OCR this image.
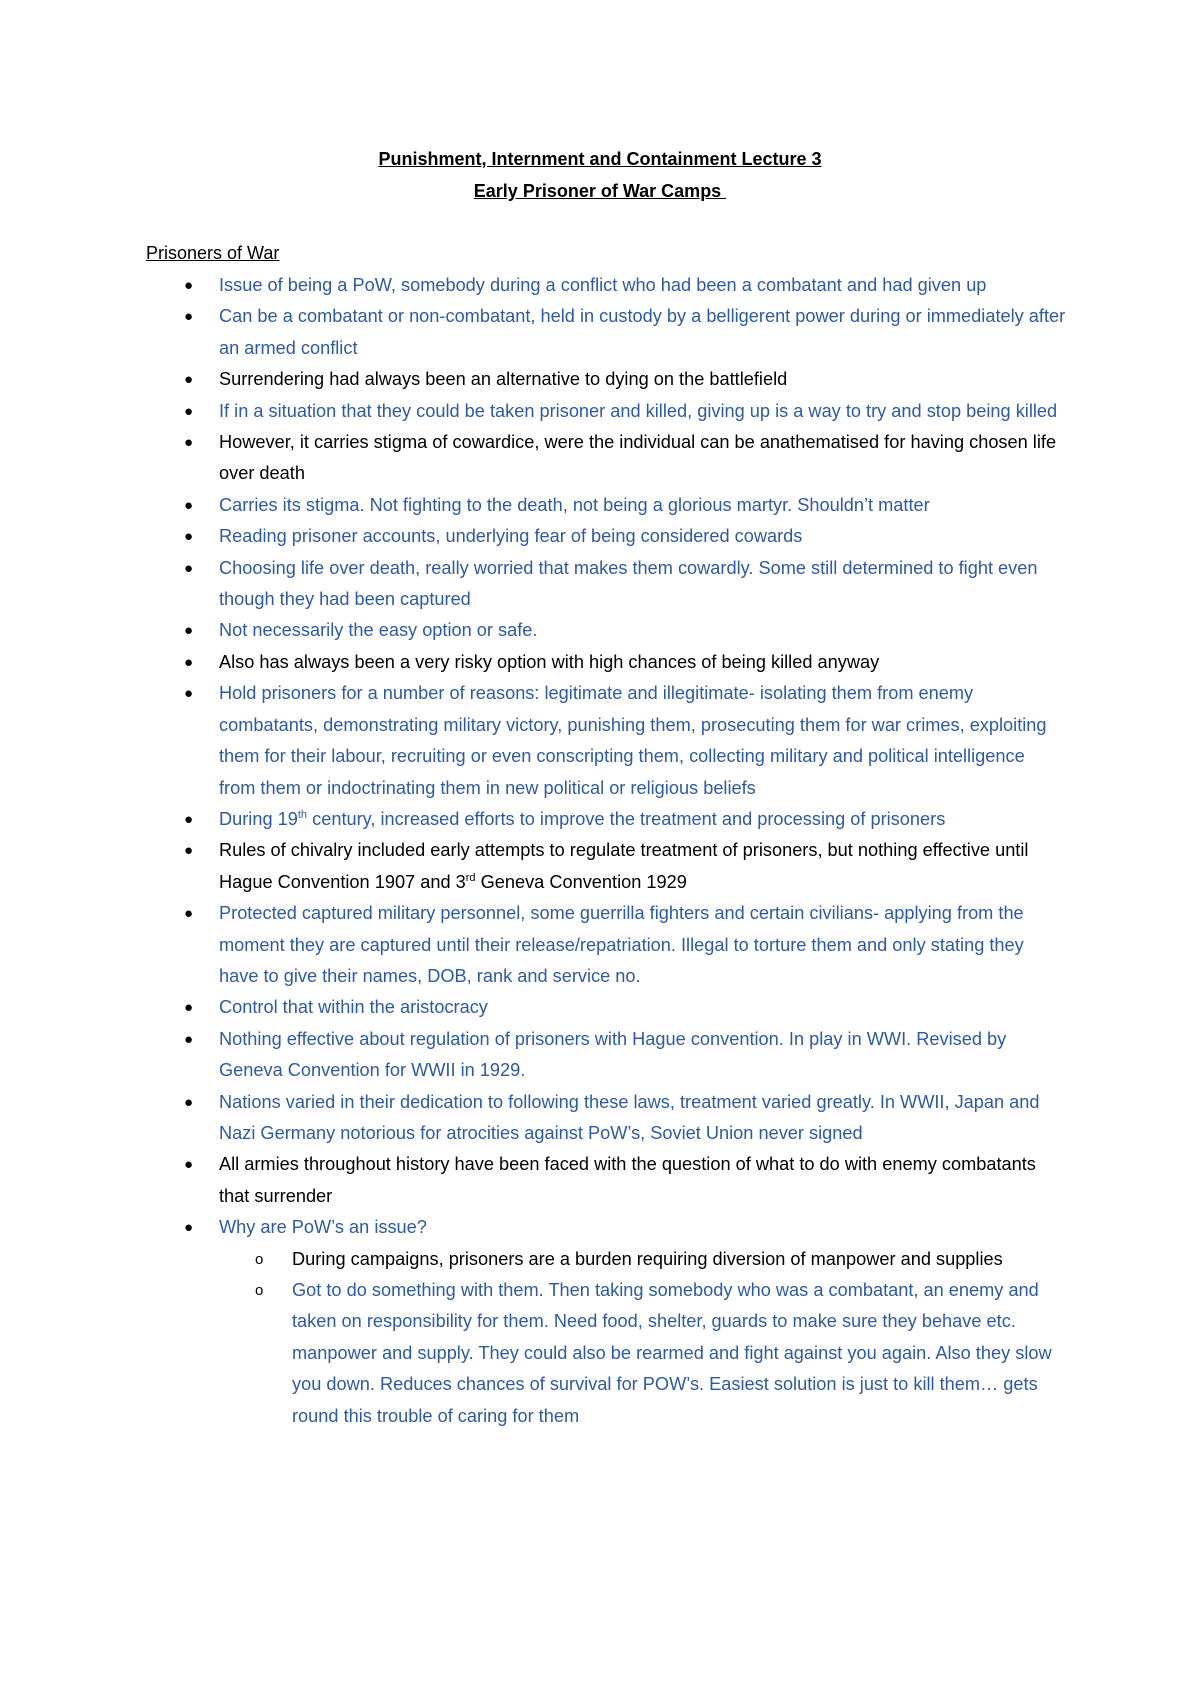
Punishment, Internment and Containment Lecture 3
Early Prisoner of War Camps
Prisoners of War
● Issue of being a PoW, somebody during a conflict who had been a combatant and had given up
● Can be a combatant or non-combatant, held in custody by a belligerent power during or immediately after an armed conflict
● Surrendering had always been an alternative to dying on the battlefield
● If in a situation that they could be taken prisoner and killed, giving up is a way to try and stop being killed
● However, it carries stigma of cowardice, were the individual can be anathematised for having chosen life over death
● Carries its stigma. Not fighting to the death, not being a glorious martyr. Shouldn’t matter
● Reading prisoner accounts, underlying fear of being considered cowards
● Choosing life over death, really worried that makes them cowardly. Some still determined to fight even though they had been captured
● Not necessarily the easy option or safe.
● Also has always been a very risky option with high chances of being killed anyway
● Hold prisoners for a number of reasons: legitimate and illegitimate- isolating them from enemy combatants, demonstrating military victory, punishing them, prosecuting them for war crimes, exploiting them for their labour, recruiting or even conscripting them, collecting military and political intelligence from them or indoctrinating them in new political or religious beliefs
● During 19th century, increased efforts to improve the treatment and processing of prisoners
● Rules of chivalry included early attempts to regulate treatment of prisoners, but nothing effective until Hague Convention 1907 and 3rd Geneva Convention 1929
● Protected captured military personnel, some guerrilla fighters and certain civilians- applying from the moment they are captured until their release/repatriation. Illegal to torture them and only stating they have to give their names, DOB, rank and service no.
● Control that within the aristocracy
● Nothing effective about regulation of prisoners with Hague convention. In play in WWI. Revised by Geneva Convention for WWII in 1929.
● Nations varied in their dedication to following these laws, treatment varied greatly. In WWII, Japan and Nazi Germany notorious for atrocities against PoW’s, Soviet Union never signed
● All armies throughout history have been faced with the question of what to do with enemy combatants that surrender
● Why are PoW’s an issue?
o During campaigns, prisoners are a burden requiring diversion of manpower and supplies
o Got to do something with them. Then taking somebody who was a combatant, an enemy and taken on responsibility for them. Need food, shelter, guards to make sure they behave etc. manpower and supply. They could also be rearmed and fight against you again. Also they slow you down. Reduces chances of survival for POW’s. Easiest solution is just to kill them… gets round this trouble of caring for them
